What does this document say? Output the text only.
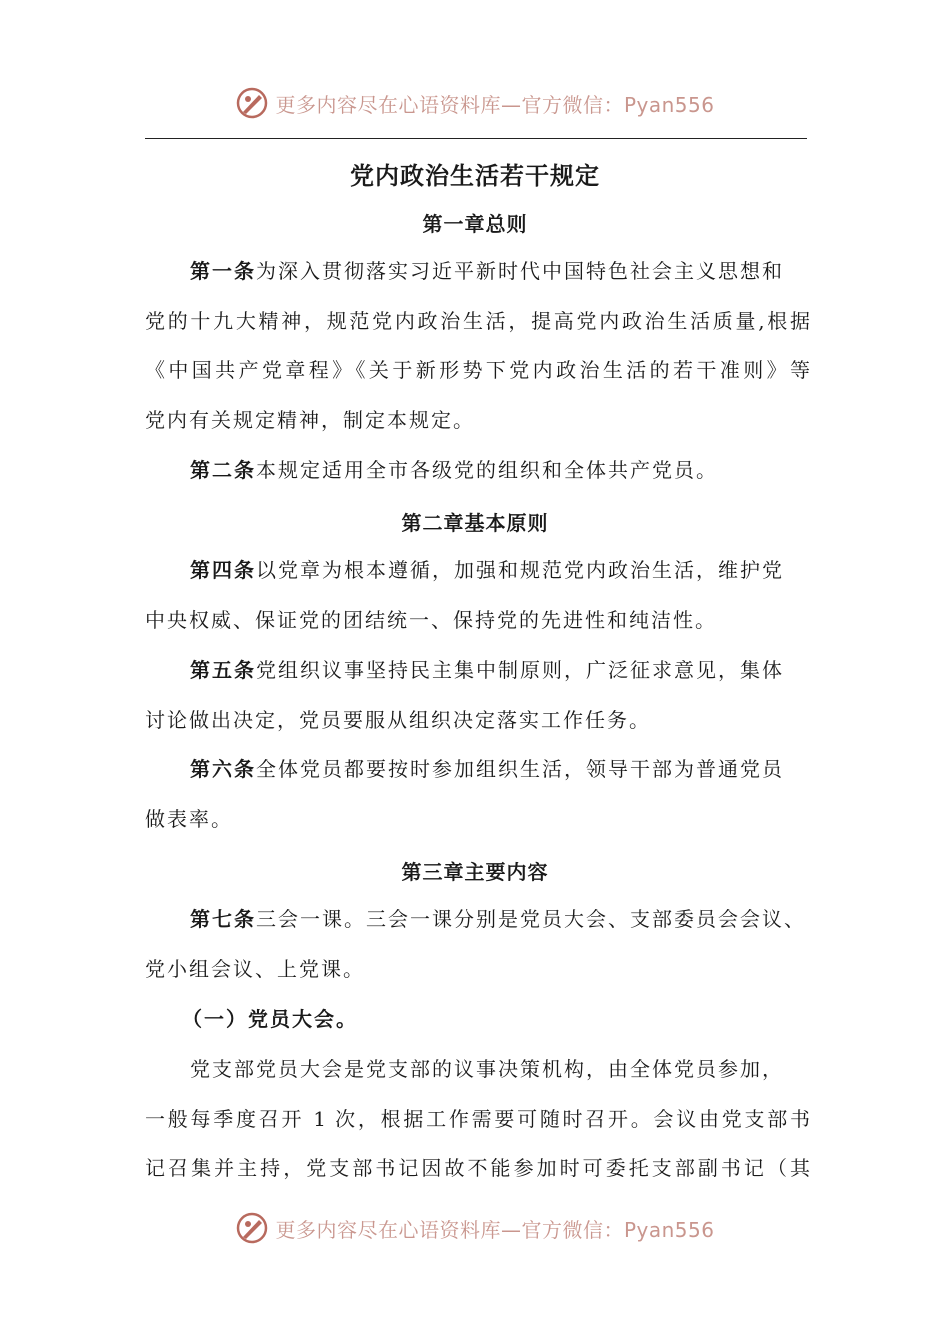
更多内容尽在心语资料库—官方微信：Pyan556
党内政治生活若干规定
第一章总则
第一条为深入贯彻落实习近平新时代中国特色社会主义思想和
党的十九大精神，规范党内政治生活，提高党内政治生活质量,根据
《中国共产党章程》《关于新形势下党内政治生活的若干准则》等
党内有关规定精神，制定本规定。
第二条本规定适用全市各级党的组织和全体共产党员。
第二章基本原则
第四条以党章为根本遵循，加强和规范党内政治生活，维护党
中央权威、保证党的团结统一、保持党的先进性和纯洁性。
第五条党组织议事坚持民主集中制原则，广泛征求意见，集体
讨论做出决定，党员要服从组织决定落实工作任务。
第六条全体党员都要按时参加组织生活，领导干部为普通党员
做表率。
第三章主要内容
第七条三会一课。三会一课分别是党员大会、支部委员会会议、
党小组会议、上党课。
（一）党员大会。
党支部党员大会是党支部的议事决策机构，由全体党员参加，
一般每季度召开 1 次，根据工作需要可随时召开。会议由党支部书
记召集并主持，党支部书记因故不能参加时可委托支部副书记（其
更多内容尽在心语资料库—官方微信：Pyan556
